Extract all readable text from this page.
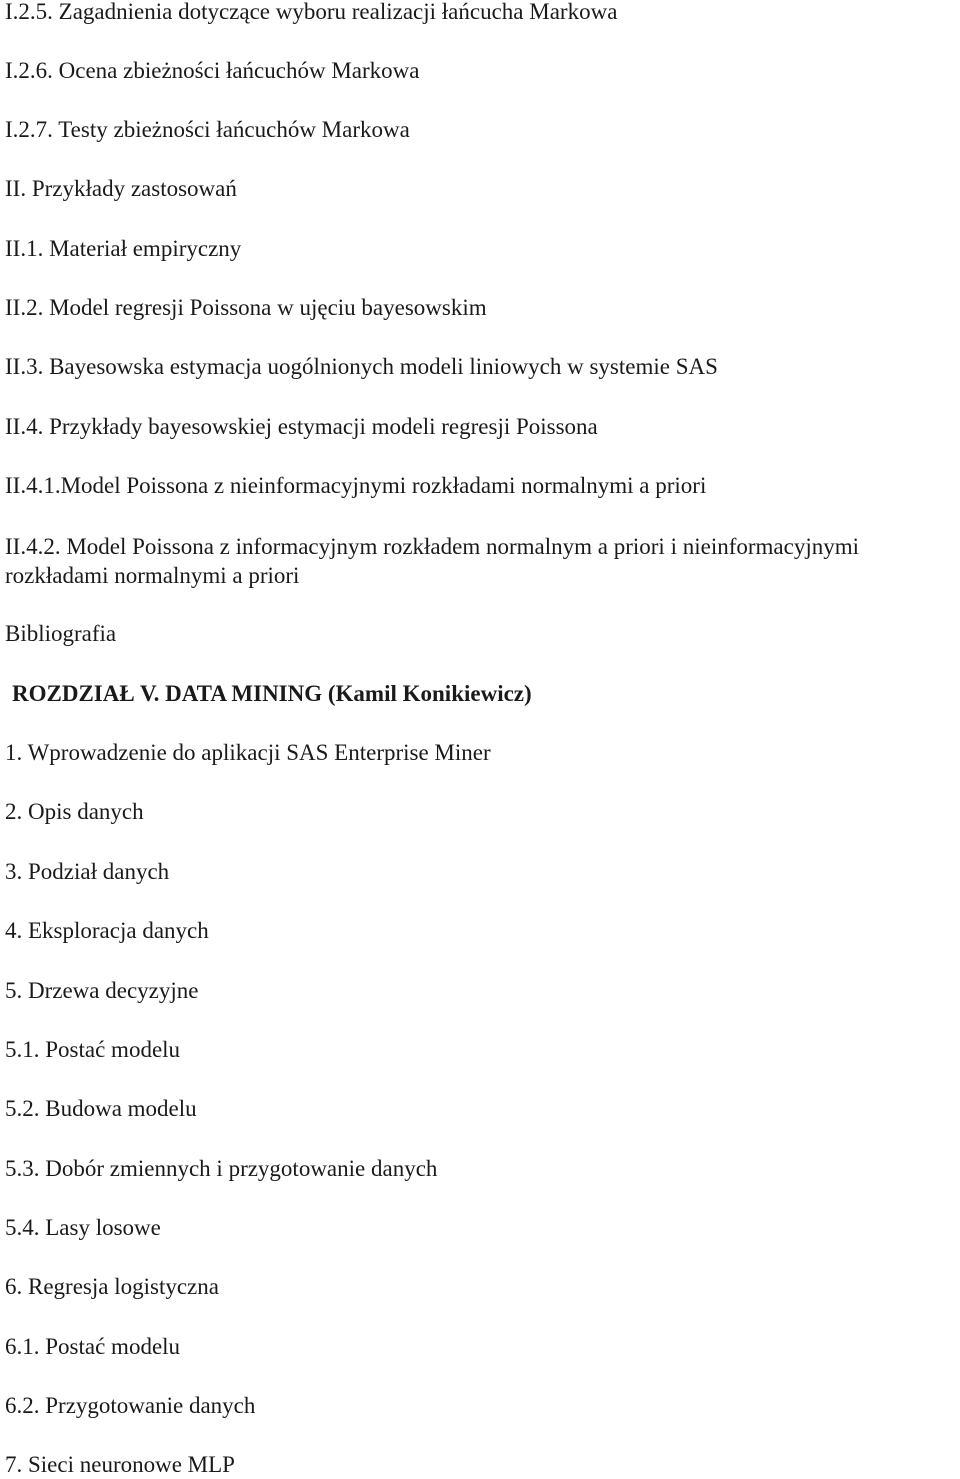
I.2.5. Zagadnienia dotyczące wyboru realizacji łańcucha Markowa
I.2.6. Ocena zbieżności łańcuchów Markowa
I.2.7. Testy zbieżności łańcuchów Markowa
II. Przykłady zastosowań
II.1. Materiał empiryczny
II.2. Model regresji Poissona w ujęciu bayesowskim
II.3. Bayesowska estymacja uogólnionych modeli liniowych w systemie SAS
II.4. Przykłady bayesowskiej estymacji modeli regresji Poissona
II.4.1.Model Poissona z nieinformacyjnymi rozkładami normalnymi a priori
II.4.2. Model Poissona z informacyjnym rozkładem normalnym a priori i nieinformacyjnymi rozkładami normalnymi a priori
Bibliografia
ROZDZIAŁ V. DATA MINING (Kamil Konikiewicz)
1. Wprowadzenie do aplikacji SAS Enterprise Miner
2. Opis danych
3. Podział danych
4. Eksploracja danych
5. Drzewa decyzyjne
5.1. Postać modelu
5.2. Budowa modelu
5.3. Dobór zmiennych i przygotowanie danych
5.4. Lasy losowe
6. Regresja logistyczna
6.1. Postać modelu
6.2. Przygotowanie danych
7. Sieci neuronowe MLP
